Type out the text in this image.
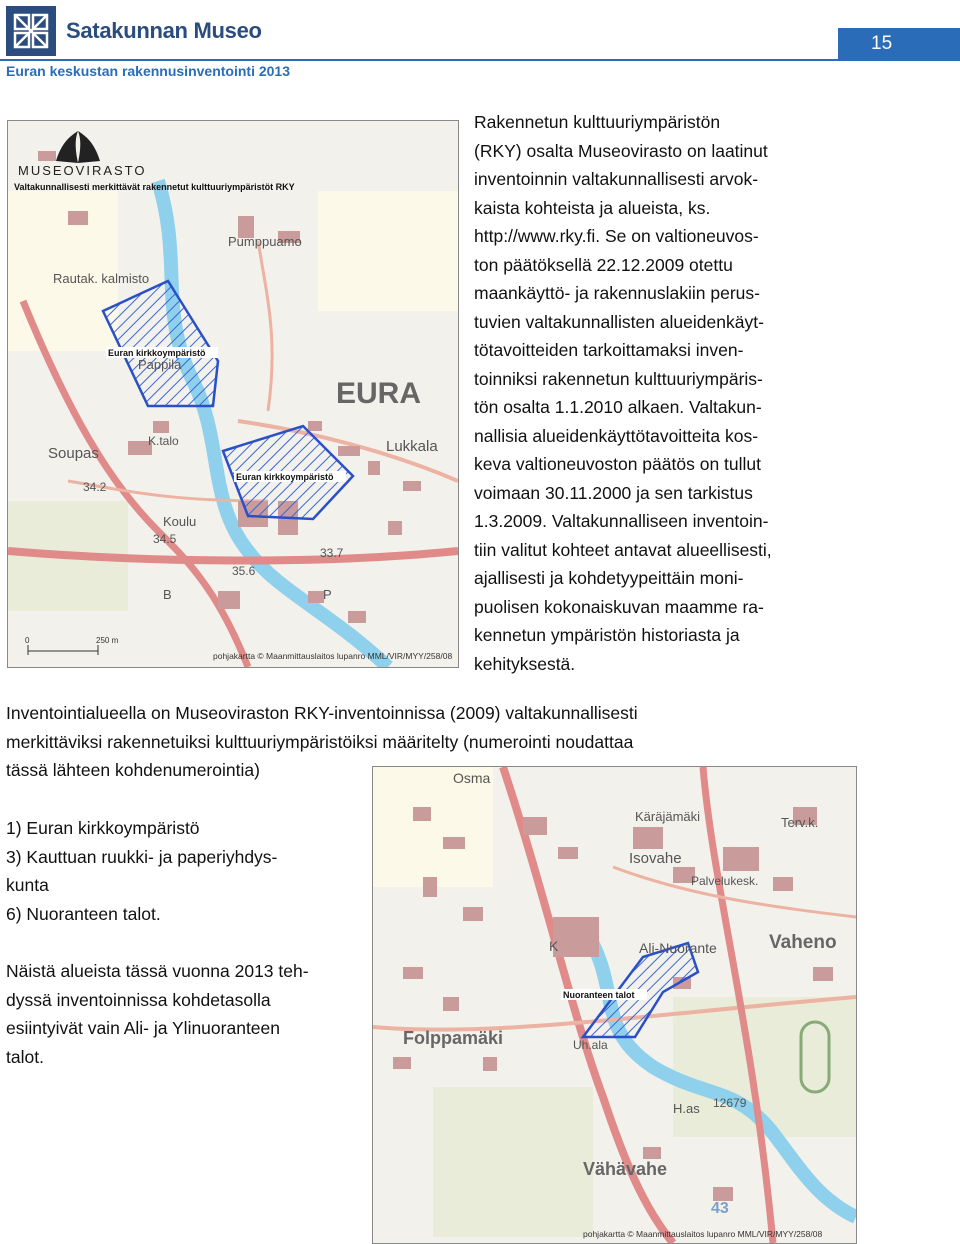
Satakunnan Museo
15
Euran keskustan rakennusinventointi 2013
MUSEOVIRASTO
Valtakunnallisesti merkittävät rakennetut kulttuuriympäristöt RKY
Euran kirkkoympäristö
Euran kirkkoympäristö
Pumppuamo
Rautak. kalmisto
Pappila
EURA
Soupas
K.talo	Lukkala
34.2
Koulu
34.5
33.7
35.6
B	P
0	250 m
pohjakartta © Maanmittauslaitos lupanro MML/VIR/MYY/258/08
Rakennetun kulttuuriympäristön
(RKY) osalta Museovirasto on laatinut
inventoinnin valtakunnallisesti arvok-
kaista kohteista ja alueista, ks.
http://www.rky.fi. Se on valtioneuvos-
ton päätöksellä 22.12.2009 otettu
maankäyttö- ja rakennuslakiin perus-
tuvien valtakunnallisten alueidenkäyt-
tötavoitteiden tarkoittamaksi inven-
toinniksi rakennetun kulttuuriympäris-
tön osalta 1.1.2010 alkaen. Valtakun-
nallisia alueidenkäyttötavoitteita kos-
keva valtioneuvoston päätös on tullut
voimaan 30.11.2000 ja sen tarkistus
1.3.2009. Valtakunnalliseen inventoin-
tiin valitut kohteet antavat alueellisesti,
ajallisesti ja kohdetyypeittäin moni-
puolisen kokonaiskuvan maamme ra-
kennetun ympäristön historiasta ja
kehityksestä.
Inventointialueella on Museoviraston RKY-inventoinnissa (2009) valtakunnallisesti
merkittäviksi rakennetuiksi kulttuuriympäristöiksi määritelty (numerointi noudattaa
tässä lähteen kohdenumerointia)
1) Euran kirkkoympäristö
3) Kauttuan ruukki- ja paperiyhdys-
kunta
6) Nuoranteen talot.
Näistä alueista tässä vuonna 2013 teh-
dyssä inventoinnissa kohdetasolla
esiintyivät vain Ali- ja Ylinuoranteen
talot.
Nuoranteen talot
Osma
Käräjämäki	Terv.k.
Isovahe
Palvelukesk.
Ali-Nuorante	Vaheno
K
Folppamäki	Uh.ala
H.as 12679
Vähävahe
43
pohjakartta © Maanmittauslaitos lupanro MML/VIR/MYY/258/08
